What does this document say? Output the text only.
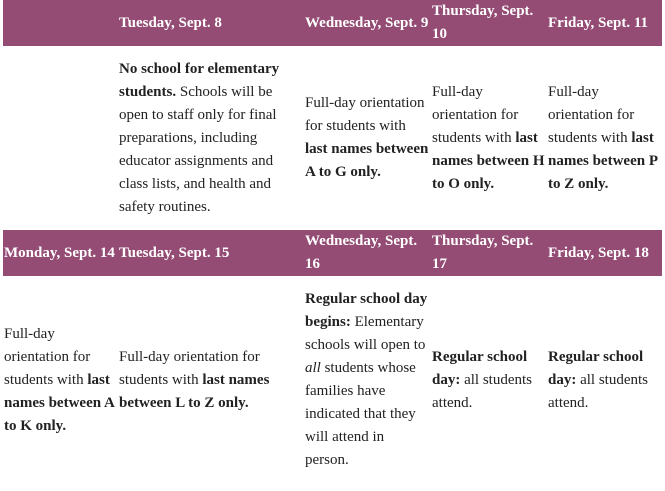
	Tuesday, Sept. 8	Wednesday, Sept. 9	Thursday, Sept. 10	Friday, Sept. 11
	No school for elementary students. Schools will be open to staff only for final preparations, including educator assignments and class lists, and health and safety routines.	Full-day orientation for students with last names between A to G only.	Full-day orientation for students with last names between H to O only.	Full-day orientation for students with last names between P to Z only.
Monday, Sept. 14	Tuesday, Sept. 15	Wednesday, Sept. 16	Thursday, Sept. 17	Friday, Sept. 18
Full-day orientation for students with last names between A to K only.	Full-day orientation for students with last names between L to Z only.	Regular school day begins: Elementary schools will open to all students whose families have indicated that they will attend in person.	Regular school day: all students attend.	Regular school day: all students attend.
